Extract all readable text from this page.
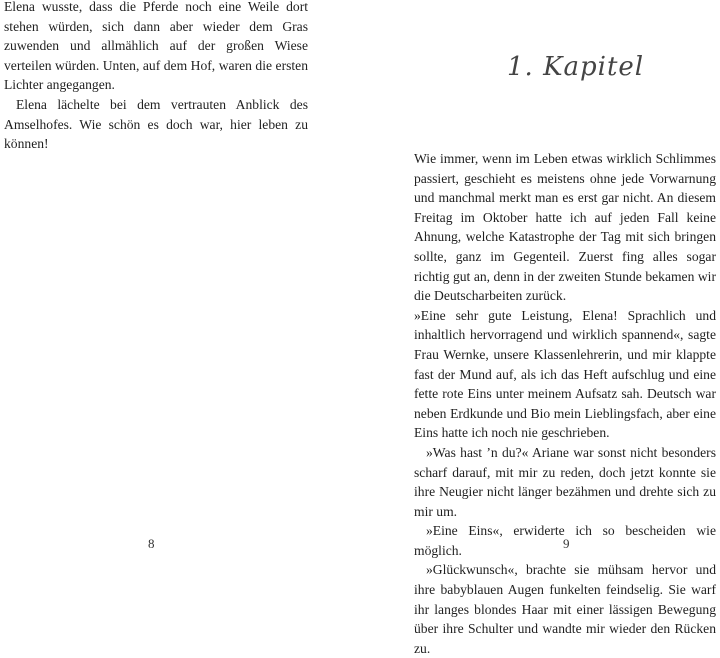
Elena wusste, dass die Pferde noch eine Weile dort stehen würden, sich dann aber wieder dem Gras zuwenden und allmählich auf der großen Wiese verteilen würden. Unten, auf dem Hof, waren die ersten Lichter angegangen.

Elena lächelte bei dem vertrauten Anblick des Amselhofes. Wie schön es doch war, hier leben zu können!

8
1. Kapitel

Wie immer, wenn im Leben etwas wirklich Schlimmes passiert, geschieht es meistens ohne jede Vorwarnung und manchmal merkt man es erst gar nicht. An diesem Freitag im Oktober hatte ich auf jeden Fall keine Ahnung, welche Katastrophe der Tag mit sich bringen sollte, ganz im Gegenteil. Zuerst fing alles sogar richtig gut an, denn in der zweiten Stunde bekamen wir die Deutscharbeiten zurück.

»Eine sehr gute Leistung, Elena! Sprachlich und inhaltlich hervorragend und wirklich spannend«, sagte Frau Wernke, unsere Klassenlehrerin, und mir klappte fast der Mund auf, als ich das Heft aufschlug und eine fette rote Eins unter meinem Aufsatz sah. Deutsch war neben Erdkunde und Bio mein Lieblingsfach, aber eine Eins hatte ich noch nie geschrieben.

»Was hast ’n du?« Ariane war sonst nicht besonders scharf darauf, mit mir zu reden, doch jetzt konnte sie ihre Neugier nicht länger bezähmen und drehte sich zu mir um.

»Eine Eins«, erwiderte ich so bescheiden wie möglich.

»Glückwunsch«, brachte sie mühsam hervor und ihre babyblauen Augen funkelten feindselig. Sie warf ihr langes blondes Haar mit einer lässigen Bewegung über ihre Schulter und wandte mir wieder den Rücken zu.

9
